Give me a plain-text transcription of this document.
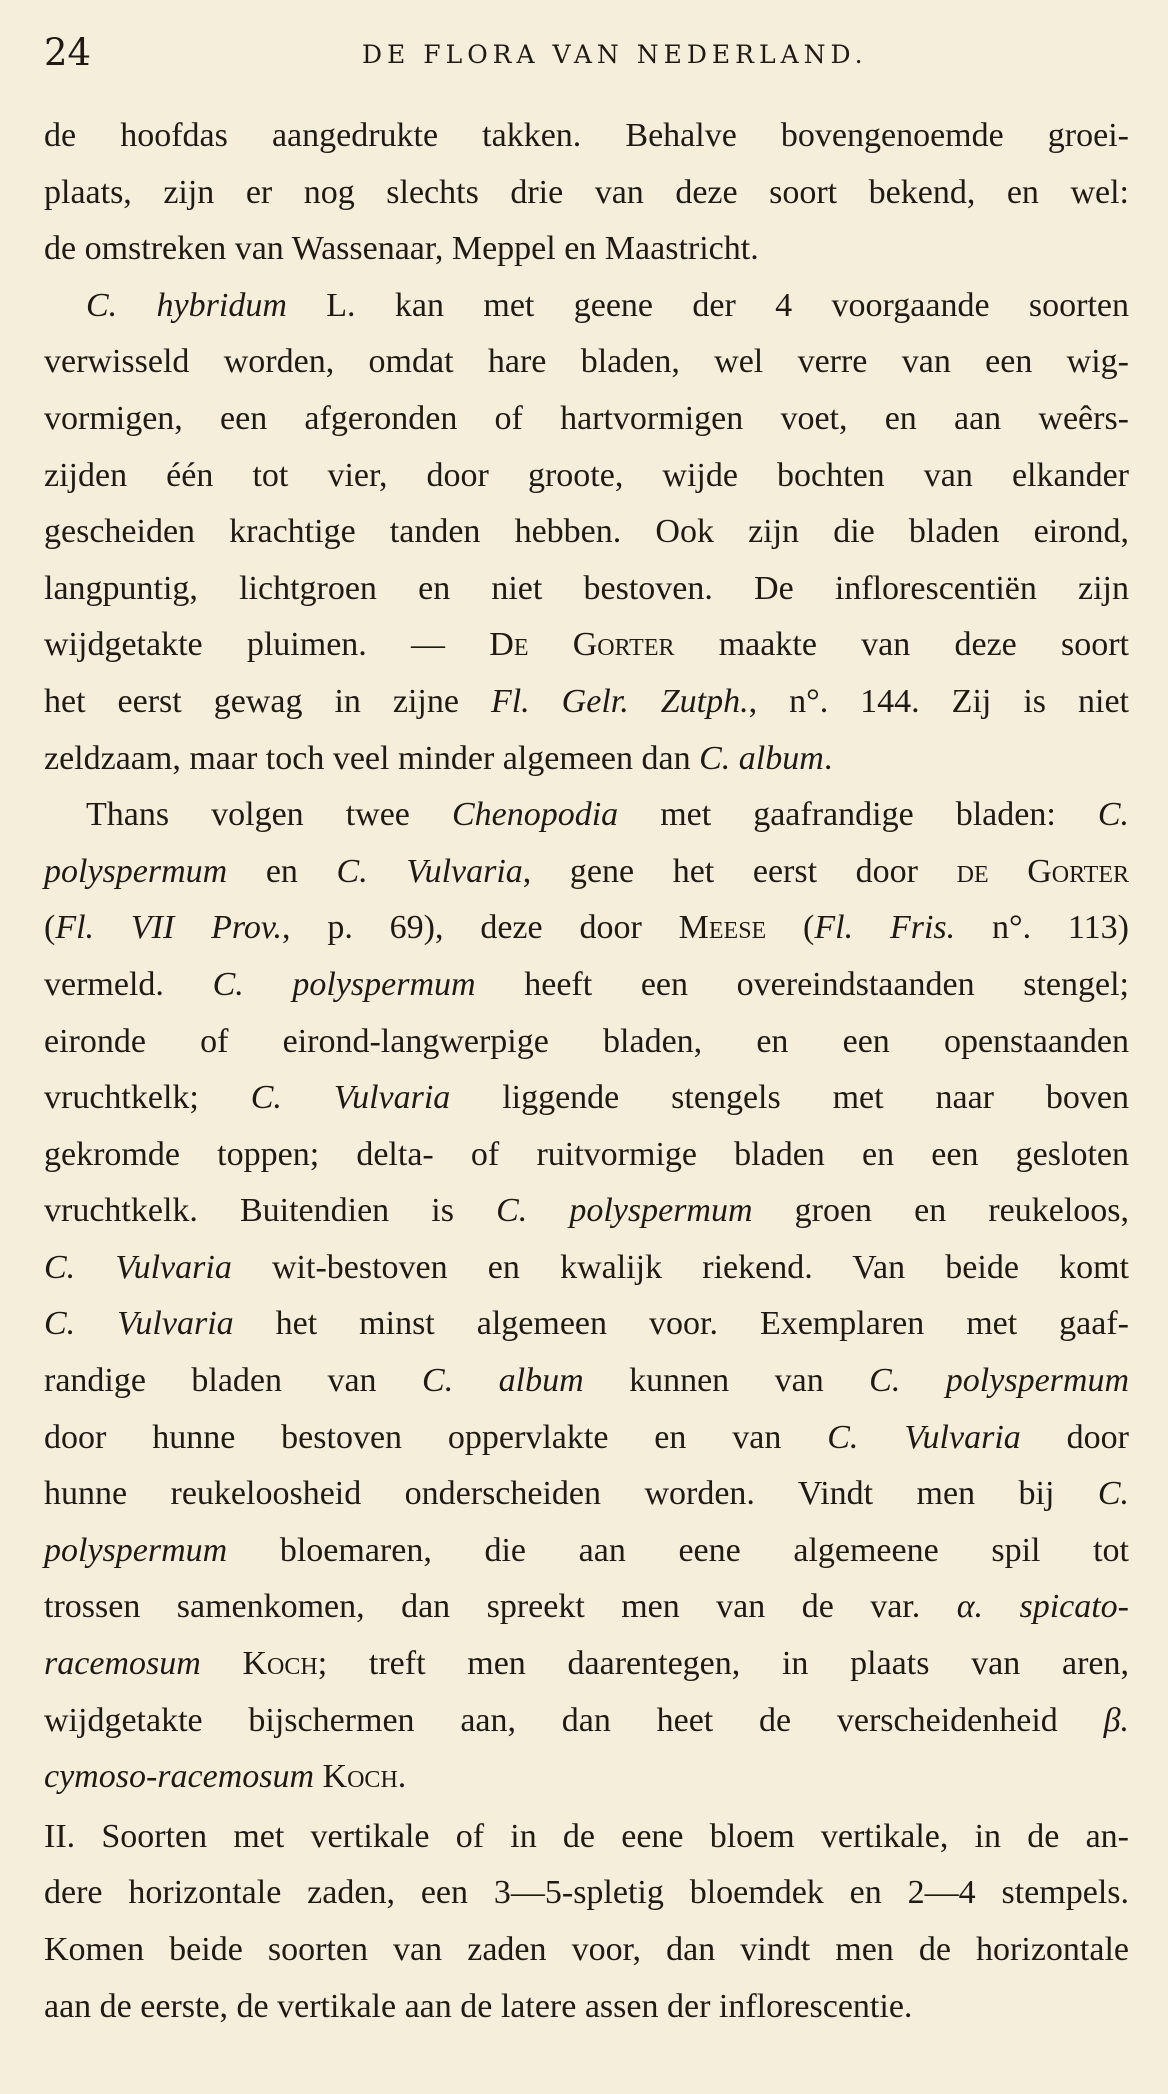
24	DE FLORA VAN NEDERLAND.
de hoofdas aangedrukte takken. Behalve bovengenoemde groei-
plaats, zijn er nog slechts drie van deze soort bekend, en wel:
de omstreken van Wassenaar, Meppel en Maastricht.
C. hybridum L. kan met geene der 4 voorgaande soorten
verwisseld worden, omdat hare bladen, wel verre van een wig-
vormigen, een afgeronden of hartvormigen voet, en aan weêrs-
zijden één tot vier, door groote, wijde bochten van elkander
gescheiden krachtige tanden hebben. Ook zijn die bladen eirond,
langpuntig, lichtgroen en niet bestoven. De inflorescentiën zijn
wijdgetakte pluimen. — De Gorter maakte van deze soort
het eerst gewag in zijne Fl. Gelr. Zutph., n°. 144. Zij is niet
zeldzaam, maar toch veel minder algemeen dan C. album.
Thans volgen twee Chenopodia met gaafrandige bladen: C.
polyspermum en C. Vulvaria, gene het eerst door de Gorter
(Fl. VII Prov., p. 69), deze door Meese (Fl. Fris. n°. 113)
vermeld. C. polyspermum heeft een overeindstaanden stengel;
eironde of eirond-langwerpige bladen, en een openstaanden
vruchtkelk; C. Vulvaria liggende stengels met naar boven
gekromde toppen; delta- of ruitvormige bladen en een gesloten
vruchtkelk. Buitendien is C. polyspermum groen en reukeloos,
C. Vulvaria wit-bestoven en kwalijk riekend. Van beide komt
C. Vulvaria het minst algemeen voor. Exemplaren met gaaf-
randige bladen van C. album kunnen van C. polyspermum
door hunne bestoven oppervlakte en van C. Vulvaria door
hunne reukeloosheid onderscheiden worden. Vindt men bij C.
polyspermum bloemaren, die aan eene algemeene spil tot
trossen samenkomen, dan spreekt men van de var. α. spicato-
racemosum Koch; treft men daarentegen, in plaats van aren,
wijdgetakte bijschermen aan, dan heet de verscheidenheid β.
cymoso-racemosum Koch.
II. Soorten met vertikale of in de eene bloem vertikale, in de an-
dere horizontale zaden, een 3—5-spletig bloemdek en 2—4 stempels.
Komen beide soorten van zaden voor, dan vindt men de horizontale
aan de eerste, de vertikale aan de latere assen der inflorescentie.
